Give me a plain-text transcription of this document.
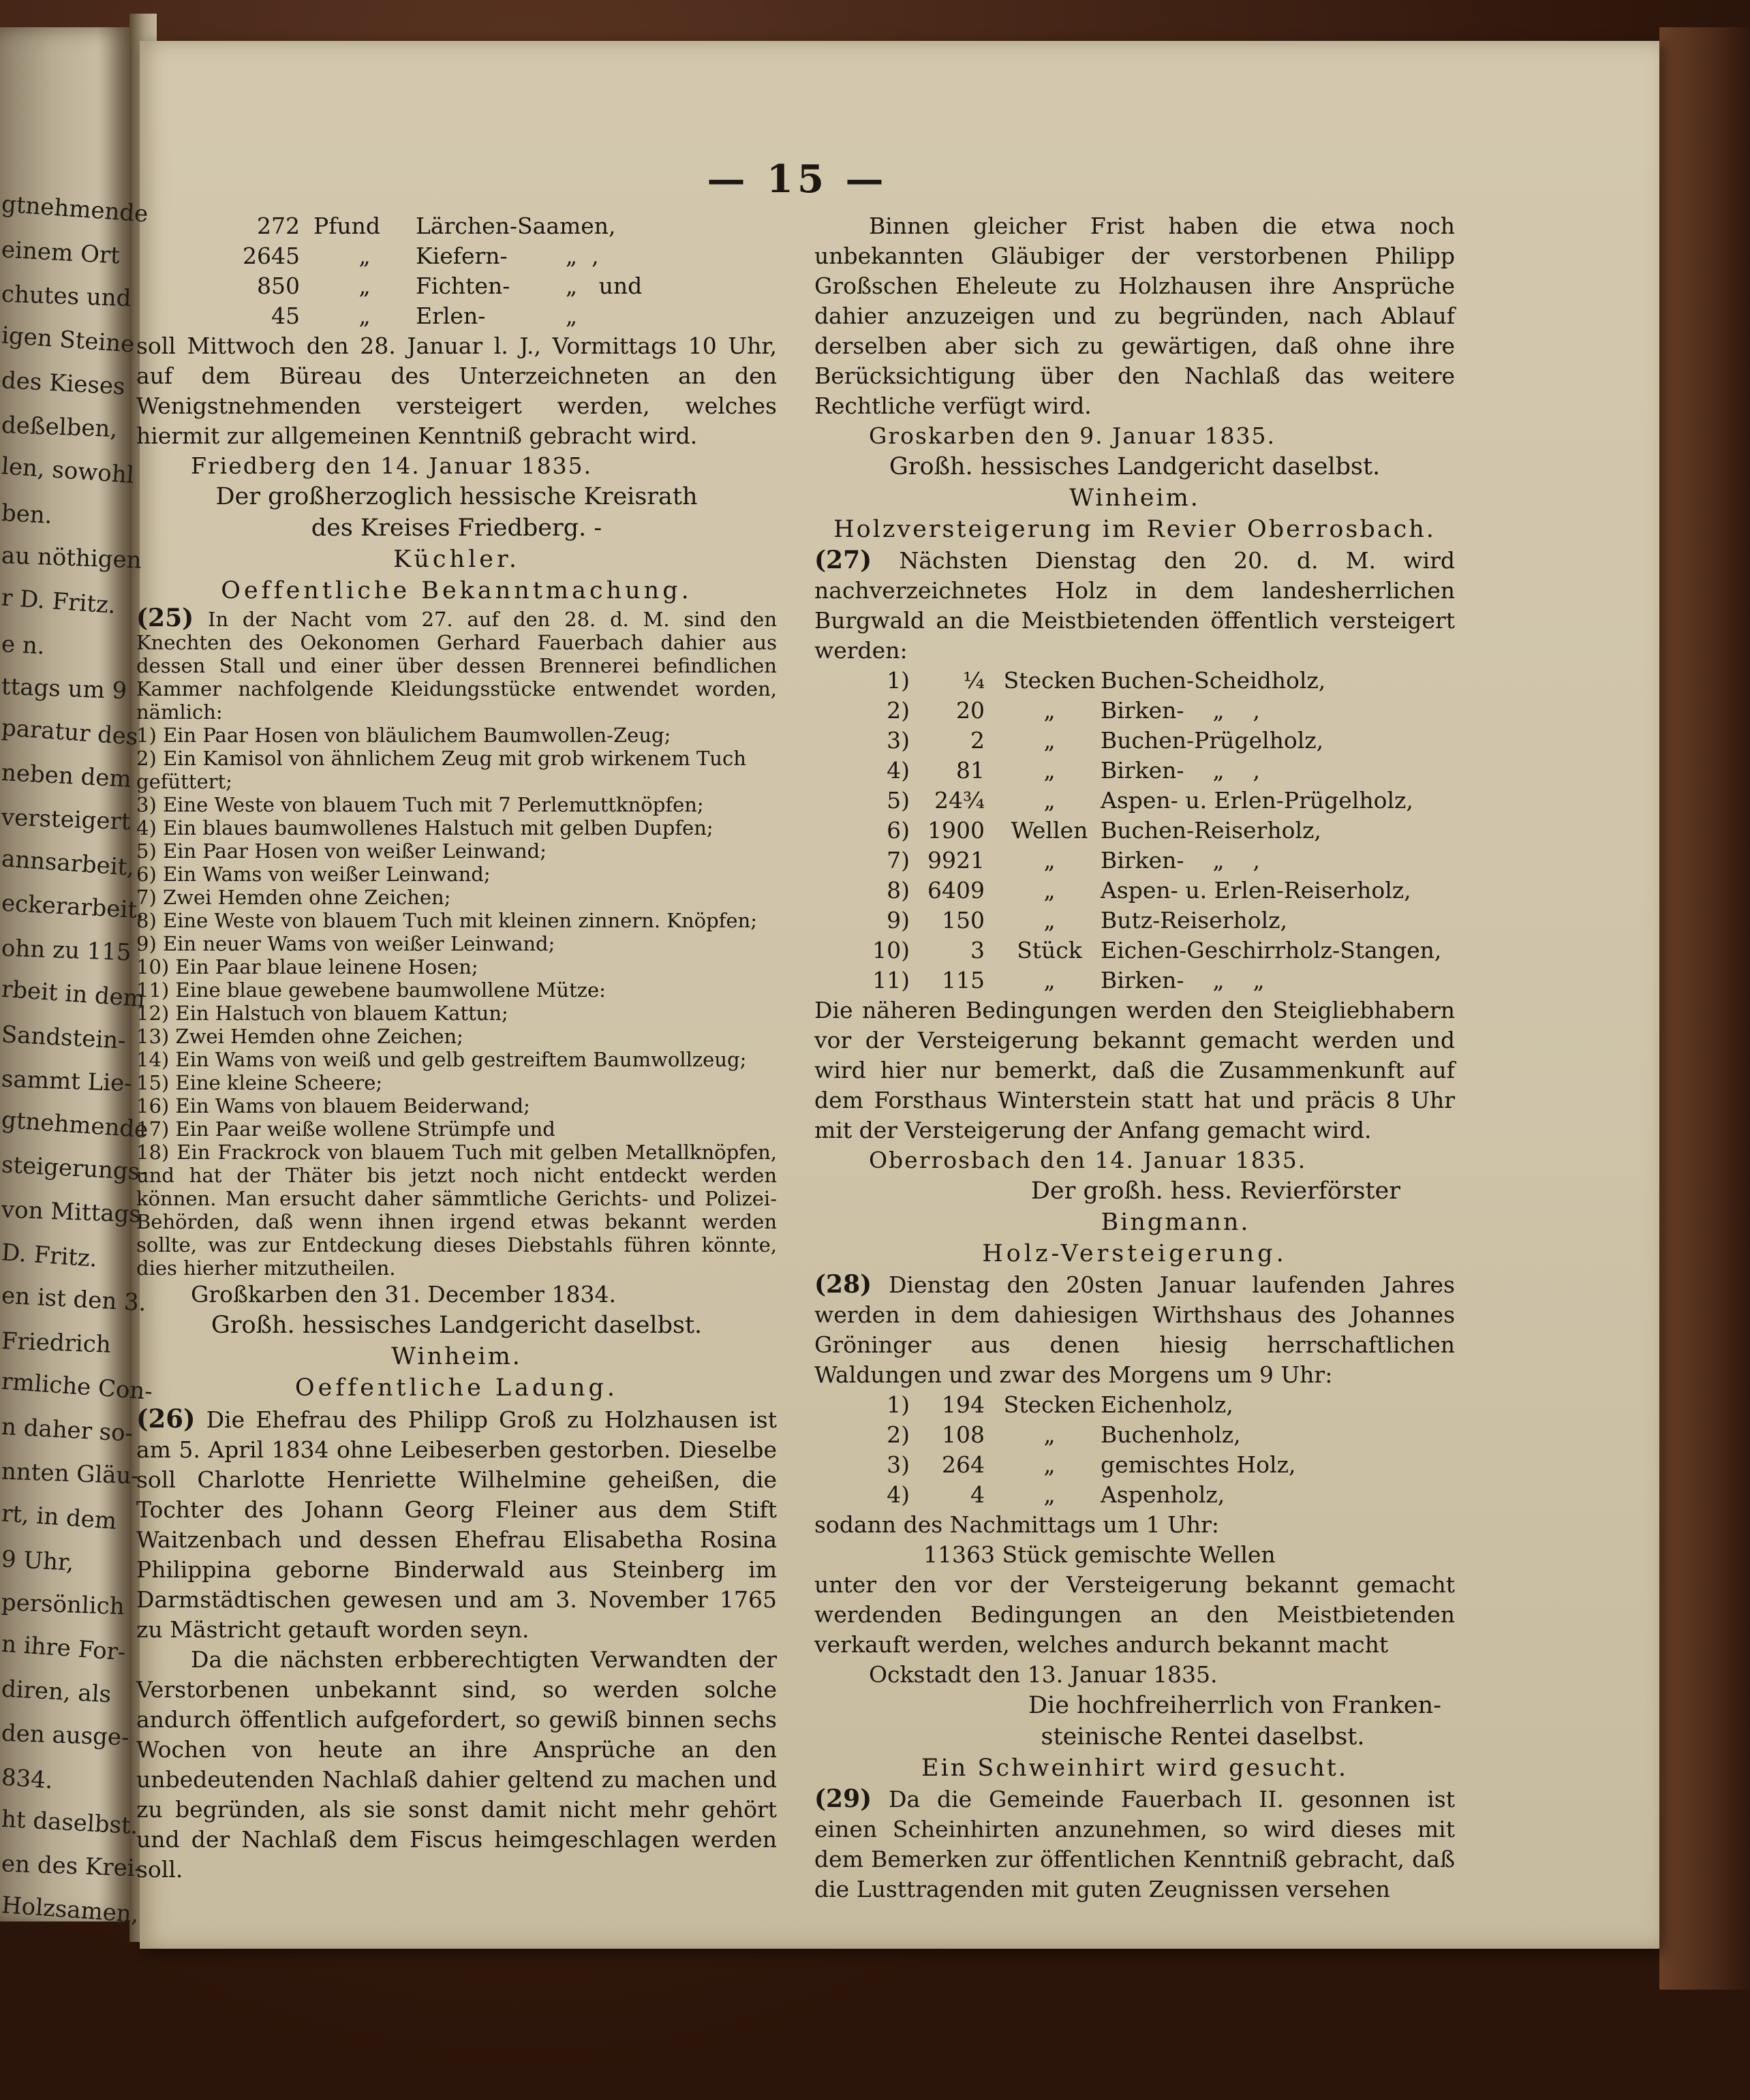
— 15 —
272 Pfund	Lärchen-Saamen,
2645	„	Kiefern-	„  ,
850	„	Fichten-	„   und
45	„	Erlen-	„

soll Mittwoch den 28. Januar l. J., Vormittags 10 Uhr, auf dem Büreau des Unterzeichneten an den Wenigstnehmenden versteigert werden, welches hiermit zur allgemeinen Kenntniß gebracht wird.

Friedberg den 14. Januar 1835.

Der großherzoglich hessische Kreisrath

des Kreises Friedberg. -

Küchler.

Oeffentliche Bekanntmachung.

(25) In der Nacht vom 27. auf den 28. d. M. sind den Knechten des Oekonomen Gerhard Fauerbach dahier aus dessen Stall und einer über dessen Brennerei befindlichen Kammer nachfolgende Kleidungsstücke entwendet worden, nämlich:

1) Ein Paar Hosen von bläulichem Baumwollen-Zeug;

2) Ein Kamisol von ähnlichem Zeug mit grob wirkenem Tuch gefüttert;

3) Eine Weste von blauem Tuch mit 7 Perlemuttknöpfen;

4) Ein blaues baumwollenes Halstuch mit gelben Dupfen;

5) Ein Paar Hosen von weißer Leinwand;

6) Ein Wams von weißer Leinwand;

7) Zwei Hemden ohne Zeichen;

8) Eine Weste von blauem Tuch mit kleinen zinnern. Knöpfen;

9) Ein neuer Wams von weißer Leinwand;

10) Ein Paar blaue leinene Hosen;

11) Eine blaue gewebene baumwollene Mütze:

12) Ein Halstuch von blauem Kattun;

13) Zwei Hemden ohne Zeichen;

14) Ein Wams von weiß und gelb gestreiftem Baumwollzeug;

15) Eine kleine Scheere;

16) Ein Wams von blauem Beiderwand;

17) Ein Paar weiße wollene Strümpfe und

18) Ein Frackrock von blauem Tuch mit gelben Metallknöpfen, und hat der Thäter bis jetzt noch nicht entdeckt werden können. Man ersucht daher sämmtliche Gerichts- und Polizei-Behörden, daß wenn ihnen irgend etwas bekannt werden sollte, was zur Entdeckung dieses Diebstahls führen könnte, dies hierher mitzutheilen.

Großkarben den 31. December 1834.

Großh. hessisches Landgericht daselbst.

Winheim.

Oeffentliche Ladung.

(26) Die Ehefrau des Philipp Groß zu Holzhausen ist am 5. April 1834 ohne Leibeserben gestorben. Dieselbe soll Charlotte Henriette Wilhelmine geheißen, die Tochter des Johann Georg Fleiner aus dem Stift Waitzenbach und dessen Ehefrau Elisabetha Rosina Philippina geborne Binderwald aus Steinberg im Darmstädtischen gewesen und am 3. November 1765 zu Mästricht getauft worden seyn.

Da die nächsten erbberechtigten Verwandten der Verstorbenen unbekannt sind, so werden solche andurch öffentlich aufgefordert, so gewiß binnen sechs Wochen von heute an ihre Ansprüche an den unbedeutenden Nachlaß dahier geltend zu machen und zu begründen, als sie sonst damit nicht mehr gehört und der Nachlaß dem Fiscus heimgeschlagen werden soll.

Binnen gleicher Frist haben die etwa noch unbekannten Gläubiger der verstorbenen Philipp Großschen Eheleute zu Holzhausen ihre Ansprüche dahier anzuzeigen und zu begründen, nach Ablauf derselben aber sich zu gewärtigen, daß ohne ihre Berücksichtigung über den Nachlaß das weitere Rechtliche verfügt wird.

Groskarben den 9. Januar 1835.

Großh. hessisches Landgericht daselbst.

Winheim.

Holzversteigerung im Revier Oberrosbach.

(27) Nächsten Dienstag den 20. d. M. wird nachverzeichnetes Holz in dem landesherrlichen Burgwald an die Meistbietenden öffentlich versteigert werden:

1)	¼ Stecken Buchen-Scheidholz,
2)	20	„	Birken-    „    ,
3)	2	„	Buchen-Prügelholz,
4)	81	„	Birken-    „    ,
5)	24¾	„	Aspen- u. Erlen-Prügelholz,
6) 1900	Wellen Buchen-Reiserholz,
7) 9921	„	Birken-    „    ,
8) 6409	„	Aspen- u. Erlen-Reiserholz,
9)	150	„	Butz-Reiserholz,
10)	3	Stück Eichen-Geschirrholz-Stangen,
11)	115	„	Birken-    „    „

Die näheren Bedingungen werden den Steigliebhabern vor der Versteigerung bekannt gemacht werden und wird hier nur bemerkt, daß die Zusammenkunft auf dem Forsthaus Winterstein statt hat und präcis 8 Uhr mit der Versteigerung der Anfang gemacht wird.

Oberrosbach den 14. Januar 1835.

Der großh. hess. Revierförster

Bingmann.

Holz-Versteigerung.

(28) Dienstag den 20sten Januar laufenden Jahres werden in dem dahiesigen Wirthshaus des Johannes Gröninger aus denen hiesig herrschaftlichen Waldungen und zwar des Morgens um 9 Uhr:

1)	194 Stecken Eichenholz,
2)	108	„	Buchenholz,
3)	264	„	gemischtes Holz,
4)	4	„	Aspenholz,

sodann des Nachmittags um 1 Uhr:

11363 Stück gemischte Wellen

unter den vor der Versteigerung bekannt gemacht werdenden Bedingungen an den Meistbietenden verkauft werden, welches andurch bekannt macht

Ockstadt den 13. Januar 1835.

Die hochfreiherrlich von Franken-

steinische Rentei daselbst.

Ein Schweinhirt wird gesucht.

(29) Da die Gemeinde Fauerbach II. gesonnen ist einen Scheinhirten anzunehmen, so wird dieses mit dem Bemerken zur öffentlichen Kenntniß gebracht, daß die Lusttragenden mit guten Zeugnissen versehen

gtnehmende
einem Ort
chutes und
igen Steine
des Kieses
deßelben,
len, sowohl
ben.
au nöthigen
r D. Fritz.
e n.
ttags um 9
paratur des
neben dem
versteigert
annsarbeit,
eckerarbeit,
ohn zu 115
rbeit in dem
Sandstein-
sammt Lie-
gtnehmende
steigerungs-
von Mittags
D. Fritz.
en ist den 3.
Friedrich
rmliche Con-
n daher so-
nnten Gläu-
rt, in dem
9 Uhr,
persönlich
n ihre For-
diren, als
den ausge-
834.
ht daselbst.
en des Krei-
Holzsamen,
